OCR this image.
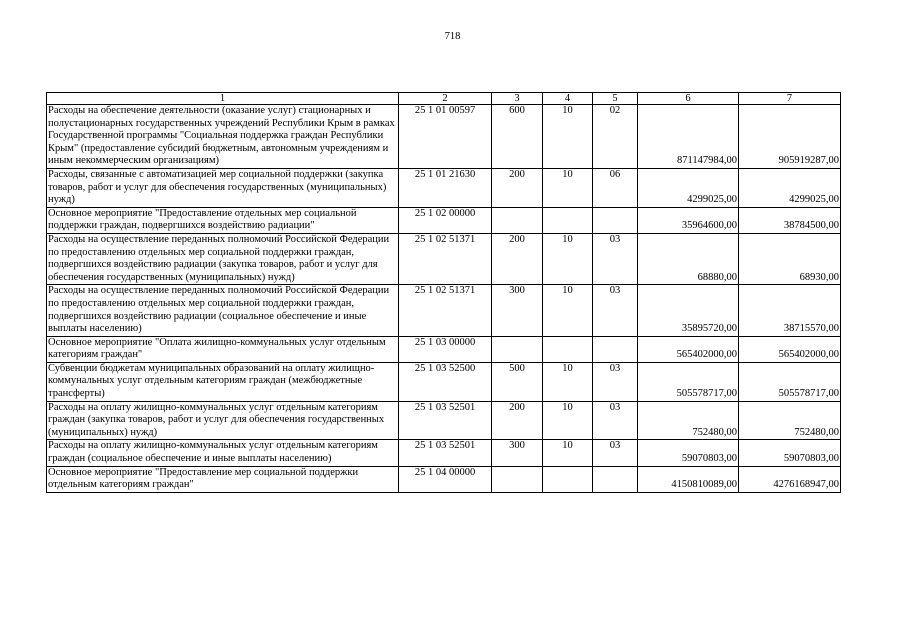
718
1	2	3	4	5	6	7
Расходы на обеспечение деятельности (оказание услуг) стационарных и полустационарных государственных учреждений Республики Крым в рамках Государственной программы "Социальная поддержка граждан Республики Крым" (предоставление субсидий бюджетным, автономным учреждениям и иным некоммерческим организациям)	25 1 01 00597	600	10	02	871147984,00	905919287,00
Расходы, связанные с автоматизацией мер социальной поддержки (закупка товаров, работ и услуг для обеспечения государственных (муниципальных) нужд)	25 1 01 21630	200	10	06	4299025,00	4299025,00
Основное мероприятие "Предоставление отдельных мер социальной поддержки граждан, подвергшихся воздействию радиации"	25 1 02 00000				35964600,00	38784500,00
Расходы на осуществление переданных полномочий Российской Федерации по предоставлению отдельных мер социальной поддержки граждан, подвергшихся воздействию радиации (закупка товаров, работ и услуг для обеспечения государственных (муниципальных) нужд)	25 1 02 51371	200	10	03	68880,00	68930,00
Расходы на осуществление переданных полномочий Российской Федерации по предоставлению отдельных мер социальной поддержки граждан, подвергшихся воздействию радиации (социальное обеспечение и иные выплаты населению)	25 1 02 51371	300	10	03	35895720,00	38715570,00
Основное мероприятие "Оплата жилищно-коммунальных услуг отдельным категориям граждан"	25 1 03 00000				565402000,00	565402000,00
Субвенции бюджетам муниципальных образований на оплату жилищно-коммунальных услуг отдельным категориям граждан (межбюджетные трансферты)	25 1 03 52500	500	10	03	505578717,00	505578717,00
Расходы на оплату жилищно-коммунальных услуг отдельным категориям граждан (закупка товаров, работ и услуг для обеспечения государственных (муниципальных) нужд)	25 1 03 52501	200	10	03	752480,00	752480,00
Расходы на оплату жилищно-коммунальных услуг отдельным категориям граждан (социальное обеспечение и иные выплаты населению)	25 1 03 52501	300	10	03	59070803,00	59070803,00
Основное мероприятие "Предоставление мер социальной поддержки отдельным категориям граждан"	25 1 04 00000				4150810089,00	4276168947,00
